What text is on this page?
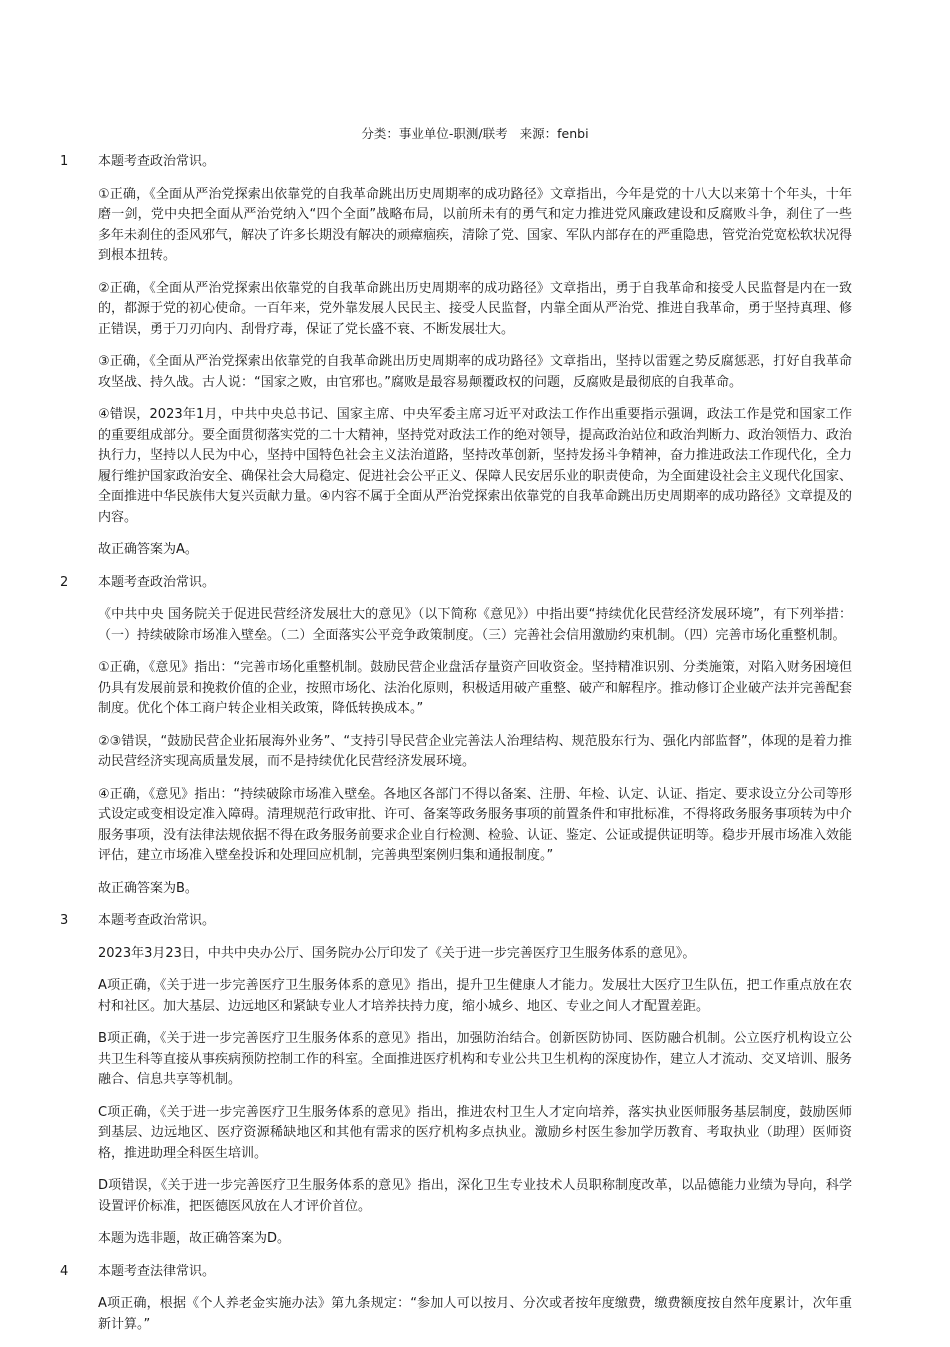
分类：事业单位-职测/联考 来源：fenbi
1	本题考查政治常识。

①正确，《全面从严治党探索出依靠党的自我革命跳出历史周期率的成功路径》文章指出，今年是党的十八大以来第十个年头，十年磨一剑，党中央把全面从严治党纳入“四个全面”战略布局，以前所未有的勇气和定力推进党风廉政建设和反腐败斗争，刹住了一些多年未刹住的歪风邪气，解决了许多长期没有解决的顽瘴痼疾，清除了党、国家、军队内部存在的严重隐患，管党治党宽松软状况得到根本扭转。

②正确，《全面从严治党探索出依靠党的自我革命跳出历史周期率的成功路径》文章指出，勇于自我革命和接受人民监督是内在一致的，都源于党的初心使命。一百年来，党外靠发展人民民主、接受人民监督，内靠全面从严治党、推进自我革命，勇于坚持真理、修正错误，勇于刀刃向内、刮骨疗毒，保证了党长盛不衰、不断发展壮大。

③正确，《全面从严治党探索出依靠党的自我革命跳出历史周期率的成功路径》文章指出，坚持以雷霆之势反腐惩恶，打好自我革命攻坚战、持久战。古人说：“国家之败，由官邪也。”腐败是最容易颠覆政权的问题，反腐败是最彻底的自我革命。

④错误，2023年1月，中共中央总书记、国家主席、中央军委主席习近平对政法工作作出重要指示强调，政法工作是党和国家工作的重要组成部分。要全面贯彻落实党的二十大精神，坚持党对政法工作的绝对领导，提高政治站位和政治判断力、政治领悟力、政治执行力，坚持以人民为中心，坚持中国特色社会主义法治道路，坚持改革创新，坚持发扬斗争精神，奋力推进政法工作现代化，全力履行维护国家政治安全、确保社会大局稳定、促进社会公平正义、保障人民安居乐业的职责使命，为全面建设社会主义现代化国家、全面推进中华民族伟大复兴贡献力量。④内容不属于全面从严治党探索出依靠党的自我革命跳出历史周期率的成功路径》文章提及的内容。

故正确答案为A。

2	本题考查政治常识。

《中共中央 国务院关于促进民营经济发展壮大的意见》（以下简称《意见》）中指出要“持续优化民营经济发展环境”，有下列举措：（一）持续破除市场准入壁垒。（二）全面落实公平竞争政策制度。（三）完善社会信用激励约束机制。（四）完善市场化重整机制。

①正确，《意见》指出：“完善市场化重整机制。鼓励民营企业盘活存量资产回收资金。坚持精准识别、分类施策，对陷入财务困境但仍具有发展前景和挽救价值的企业，按照市场化、法治化原则，积极适用破产重整、破产和解程序。推动修订企业破产法并完善配套制度。优化个体工商户转企业相关政策，降低转换成本。”

②③错误，“鼓励民营企业拓展海外业务”、“支持引导民营企业完善法人治理结构、规范股东行为、强化内部监督”，体现的是着力推动民营经济实现高质量发展，而不是持续优化民营经济发展环境。

④正确，《意见》指出：“持续破除市场准入壁垒。各地区各部门不得以备案、注册、年检、认定、认证、指定、要求设立分公司等形式设定或变相设定准入障碍。清理规范行政审批、许可、备案等政务服务事项的前置条件和审批标准，不得将政务服务事项转为中介服务事项，没有法律法规依据不得在政务服务前要求企业自行检测、检验、认证、鉴定、公证或提供证明等。稳步开展市场准入效能评估，建立市场准入壁垒投诉和处理回应机制，完善典型案例归集和通报制度。”

故正确答案为B。

3	本题考查政治常识。

2023年3月23日，中共中央办公厅、国务院办公厅印发了《关于进一步完善医疗卫生服务体系的意见》。

A项正确，《关于进一步完善医疗卫生服务体系的意见》指出，提升卫生健康人才能力。发展壮大医疗卫生队伍，把工作重点放在农村和社区。加大基层、边远地区和紧缺专业人才培养扶持力度，缩小城乡、地区、专业之间人才配置差距。

B项正确，《关于进一步完善医疗卫生服务体系的意见》指出，加强防治结合。创新医防协同、医防融合机制。公立医疗机构设立公共卫生科等直接从事疾病预防控制工作的科室。全面推进医疗机构和专业公共卫生机构的深度协作，建立人才流动、交叉培训、服务融合、信息共享等机制。

C项正确，《关于进一步完善医疗卫生服务体系的意见》指出，推进农村卫生人才定向培养，落实执业医师服务基层制度，鼓励医师到基层、边远地区、医疗资源稀缺地区和其他有需求的医疗机构多点执业。激励乡村医生参加学历教育、考取执业（助理）医师资格，推进助理全科医生培训。

D项错误，《关于进一步完善医疗卫生服务体系的意见》指出，深化卫生专业技术人员职称制度改革，以品德能力业绩为导向，科学设置评价标准，把医德医风放在人才评价首位。

本题为选非题，故正确答案为D。

4	本题考查法律常识。

A项正确，根据《个人养老金实施办法》第九条规定：“参加人可以按月、分次或者按年度缴费，缴费额度按自然年度累计，次年重新计算。”
